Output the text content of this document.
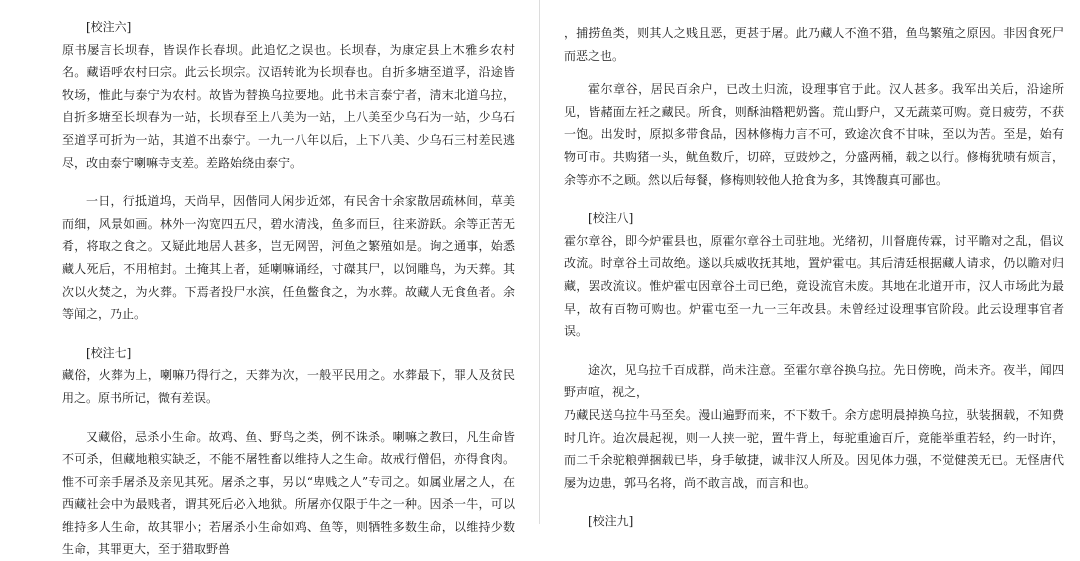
[校注六]

原书屡言长坝春，皆误作长春坝。此追忆之误也。长坝春，为康定县上木雅乡农村名。藏语呼农村曰宗。此云长坝宗。汉语转讹为长坝春也。自折多塘至道孚，沿途皆牧场，惟此与泰宁为农村。故皆为替换乌拉要地。此书未言泰宁者，清末北道乌拉，自折多塘至长坝春为一站，长坝春至上八美为一站，上八美至少乌石为一站，少乌石至道孚可折为一站，其道不出泰宁。一九一八年以后，上下八美、少乌石三村差民逃尽，改由泰宁喇嘛寺支差。差路始绕由泰宁。

一日，行抵道坞，天尚早，因偕同人闲步近郊，有民舍十余家散居疏林间，草美而细，风景如画。林外一沟宽四五尺，碧水清浅，鱼多而巨，往来游跃。余等正苦无肴，将取之食之。又疑此地居人甚多，岂无网罟，河鱼之繁殖如是。询之通事，始悉藏人死后，不用棺封。土掩其上者，延喇嘛诵经，寸磔其尸，以饲雕鸟，为天葬。其次以火焚之，为火葬。下焉者投尸水滨，任鱼鳖食之，为水葬。故藏人无食鱼者。余等闻之，乃止。

[校注七]

藏俗，火葬为上，喇嘛乃得行之，天葬为次，一般平民用之。水葬最下，罪人及贫民用之。原书所记，微有差误。

又藏俗，忌杀小生命。故鸡、鱼、野鸟之类，例不诛杀。喇嘛之教曰，凡生命皆不可杀，但藏地粮实缺乏，不能不屠牲畜以维持人之生命。故戒行僧侣，亦得食肉。惟不可亲手屠杀及亲见其死。屠杀之事，另以“卑贱之人”专司之。如属业屠之人，在西藏社会中为最贱者，谓其死后必入地狱。所屠亦仅限于牛之一种。因杀一牛，可以维持多人生命，故其罪小；若屠杀小生命如鸡、鱼等，则牺牲多数生命，以维持少数生命，其罪更大，至于猎取野兽

，捕捞鱼类，则其人之贱且恶，更甚于屠。此乃藏人不渔不猎，鱼鸟繁殖之原因。非因食死尸而恶之也。

霍尔章谷，居民百余户，已改土归流，设理事官于此。汉人甚多。我军出关后，沿途所见，皆赭面左衽之藏民。所食，则酥油糌粑奶酱。荒山野户，又无蔬菜可购。竟日疲劳，不获一饱。出发时，原拟多带食品，因林修梅力言不可，致途次食不甘味，至以为苦。至是，始有物可市。共购猪一头，鱿鱼数斤，切碎，豆豉炒之，分盛两桶，载之以行。修梅犹啧有烦言，余等亦不之顾。然以后每餐，修梅则较他人抢食为多，其馋馥真可鄙也。

[校注八]

霍尔章谷，即今炉霍县也，原霍尔章谷土司驻地。光绪初，川督鹿传霖，讨平瞻对之乱，倡议改流。时章谷土司故绝。遂以兵威收抚其地，置炉霍屯。其后清廷根据藏人请求，仍以瞻对归藏，罢改流议。惟炉霍屯因章谷土司已绝，竟设流官未废。其地在北道开市，汉人市场此为最早，故有百物可购也。炉霍屯至一九一三年改县。未曾经过设理事官阶段。此云设理事官者误。

途次，见乌拉千百成群，尚未注意。至霍尔章谷换乌拉。先日傍晚，尚未齐。夜半，闻四野声喧，视之，

乃藏民送乌拉牛马至矣。漫山遍野而来，不下数千。余方虑明晨掉换乌拉，驮装捆载，不知费时几许。迨次晨起视，则一人挟一驼，置牛背上，每驼重逾百斤，竟能举重若轻，约一时许，而二千余驼粮弹捆载已毕，身手敏捷，诚非汉人所及。因见体力强，不觉健羡无已。无怪唐代屡为边患，郭马名将，尚不敢言战，而言和也。

[校注九]
